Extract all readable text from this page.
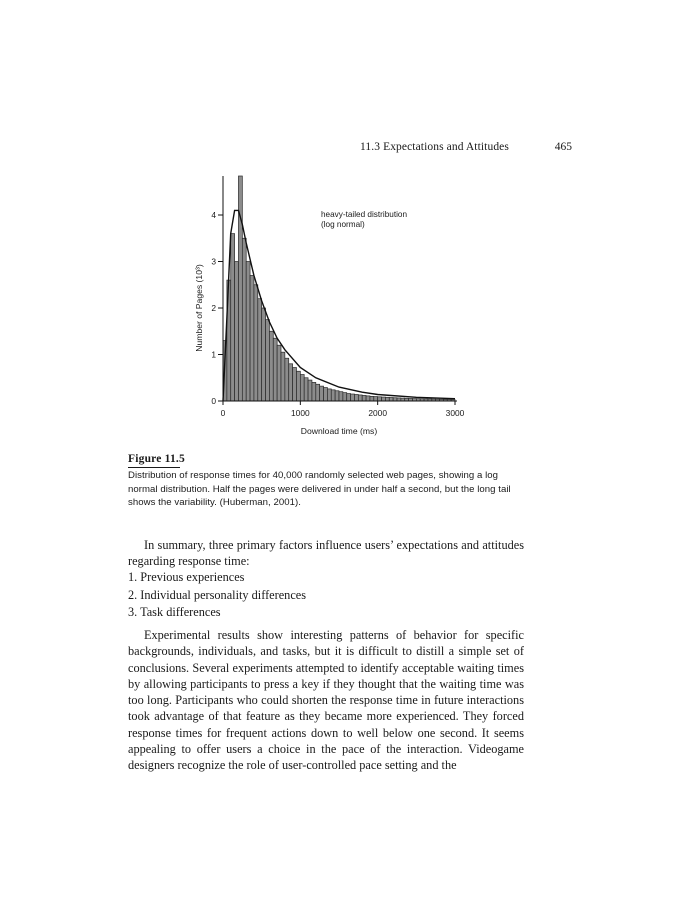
11.3 Expectations and Attitudes	465
0
1
2
3
4
0	1000	2000	3000
heavy-tailed distribution
(log normal)
Download time (ms)
Number of Pages (10³)
Figure 11.5
Distribution of response times for 40,000 randomly selected web pages, showing a log normal distribution. Half the pages were delivered in under half a second, but the long tail shows the variability. (Huberman, 2001).

In summary, three primary factors influence users’ expectations and attitudes regarding response time:

1. Previous experiences
2. Individual personality differences
3. Task differences

Experimental results show interesting patterns of behavior for specific backgrounds, individuals, and tasks, but it is difficult to distill a simple set of conclusions. Several experiments attempted to identify acceptable waiting times by allowing participants to press a key if they thought that the waiting time was too long. Participants who could shorten the response time in future interactions took advantage of that feature as they became more experienced. They forced response times for frequent actions down to well below one second. It seems appealing to offer users a choice in the pace of the interaction. Videogame designers recognize the role of user-controlled pace setting and the
